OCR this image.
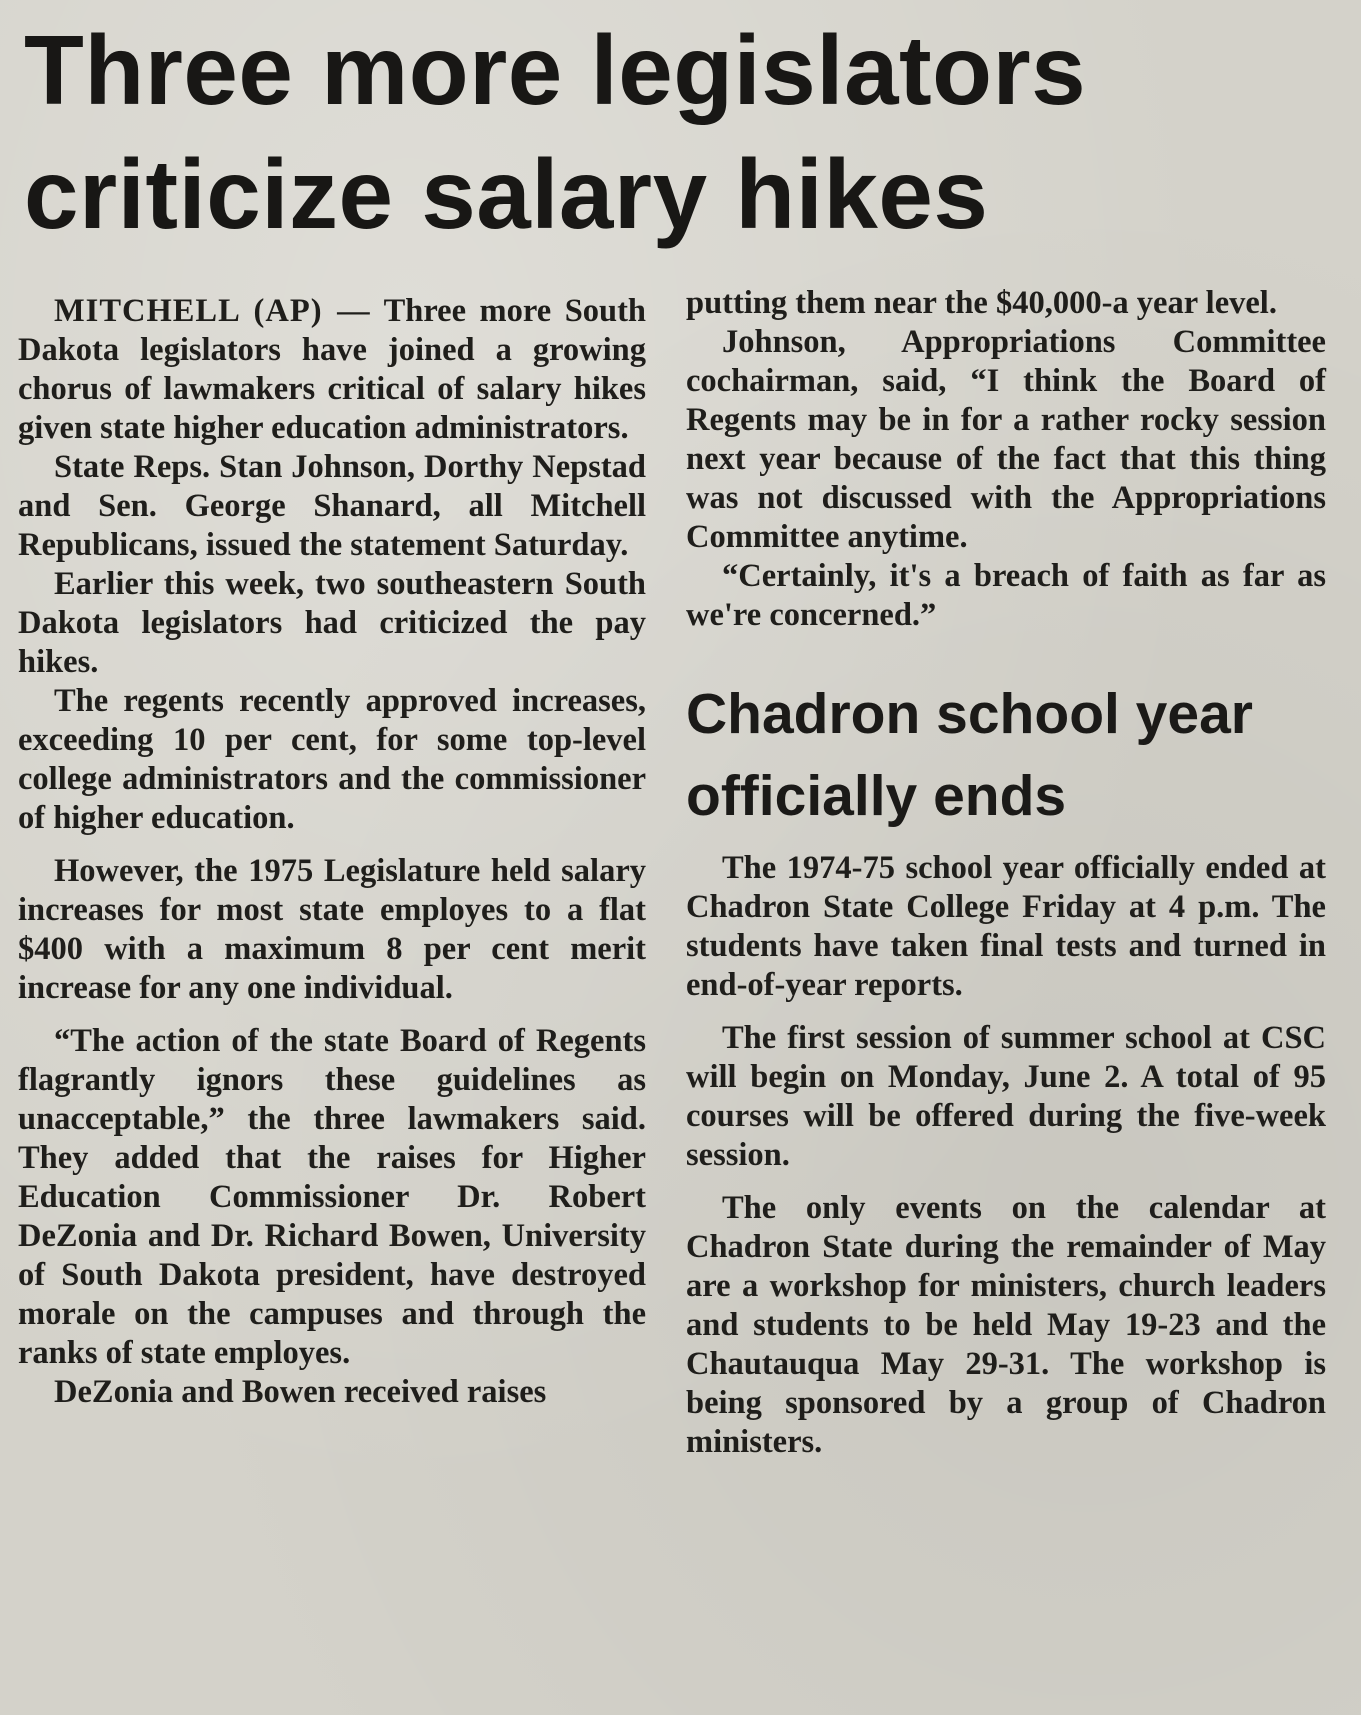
Three more legislators criticize salary hikes

MITCHELL (AP) — Three more South Dakota legislators have joined a growing chorus of lawmakers critical of salary hikes given state higher education administrators.

State Reps. Stan Johnson, Dorthy Nepstad and Sen. George Shanard, all Mitchell Republicans, issued the statement Saturday.

Earlier this week, two southeastern South Dakota legislators had criticized the pay hikes.

The regents recently approved increases, exceeding 10 per cent, for some top-level college administrators and the commissioner of higher education.

However, the 1975 Legislature held salary increases for most state employes to a flat $400 with a maximum 8 per cent merit increase for any one individual.

“The action of the state Board of Regents flagrantly ignors these guidelines as unacceptable,” the three lawmakers said. They added that the raises for Higher Education Commissioner Dr. Robert DeZonia and Dr. Richard Bowen, University of South Dakota president, have destroyed morale on the campuses and through the ranks of state employes.

DeZonia and Bowen received raises

putting them near the $40,000-a year level.

Johnson, Appropriations Committee cochairman, said, “I think the Board of Regents may be in for a rather rocky session next year because of the fact that this thing was not discussed with the Appropriations Committee anytime.

“Certainly, it's a breach of faith as far as we're concerned.”

Chadron school year officially ends

The 1974-75 school year officially ended at Chadron State College Friday at 4 p.m. The students have taken final tests and turned in end-of-year reports.

The first session of summer school at CSC will begin on Monday, June 2. A total of 95 courses will be offered during the five-week session.

The only events on the calendar at Chadron State during the remainder of May are a workshop for ministers, church leaders and students to be held May 19-23 and the Chautauqua May 29-31. The workshop is being sponsored by a group of Chadron ministers.
